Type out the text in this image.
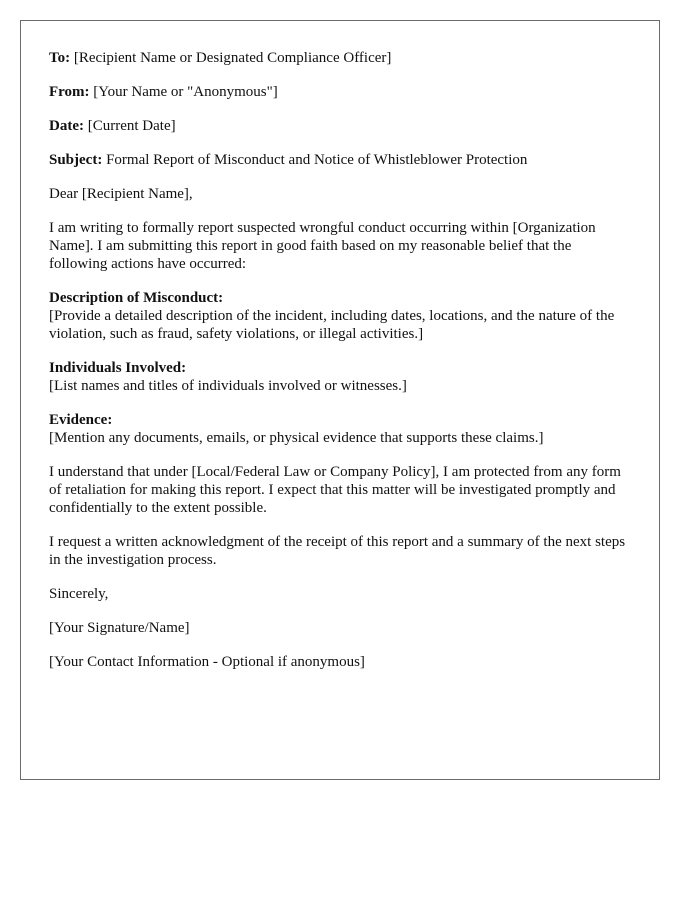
To: [Recipient Name or Designated Compliance Officer]
From: [Your Name or "Anonymous"]
Date: [Current Date]
Subject: Formal Report of Misconduct and Notice of Whistleblower Protection
Dear [Recipient Name],
I am writing to formally report suspected wrongful conduct occurring within [Organization Name]. I am submitting this report in good faith based on my reasonable belief that the following actions have occurred:
Description of Misconduct:
[Provide a detailed description of the incident, including dates, locations, and the nature of the violation, such as fraud, safety violations, or illegal activities.]
Individuals Involved:
[List names and titles of individuals involved or witnesses.]
Evidence:
[Mention any documents, emails, or physical evidence that supports these claims.]
I understand that under [Local/Federal Law or Company Policy], I am protected from any form of retaliation for making this report. I expect that this matter will be investigated promptly and confidentially to the extent possible.
I request a written acknowledgment of the receipt of this report and a summary of the next steps in the investigation process.
Sincerely,
[Your Signature/Name]
[Your Contact Information - Optional if anonymous]
